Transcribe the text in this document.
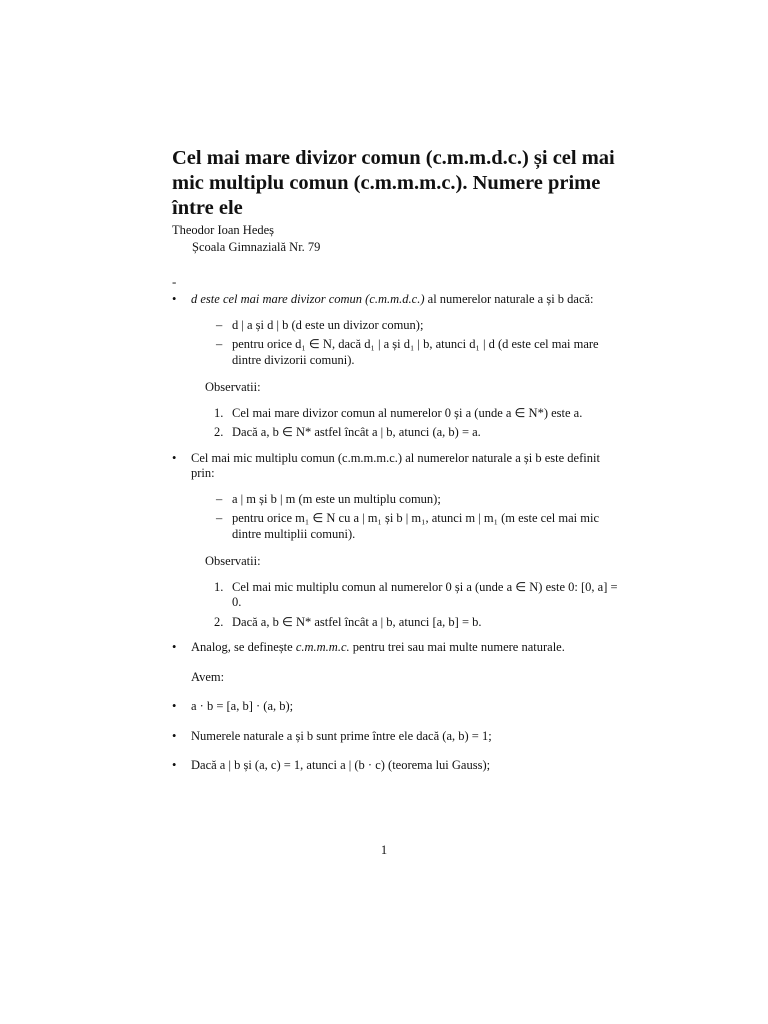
Cel mai mare divizor comun (c.m.m.d.c.) și cel mai mic multiplu comun (c.m.m.m.c.). Numere prime între ele
Theodor Ioan Hedeș
Școala Gimnazială Nr. 79
-
•	d este cel mai mare divizor comun (c.m.m.d.c.) al numerelor naturale a și b dacă:
– d | a și d | b (d este un divizor comun);
– pentru orice d₁ ∈ N, dacă d₁ | a și d₁ | b, atunci d₁ | d (d este cel mai mare dintre divizorii comuni).
Observatii:
1. Cel mai mare divizor comun al numerelor 0 și a (unde a ∈ N*) este a.
2. Dacă a, b ∈ N* astfel încât a | b, atunci (a, b) = a.
•	Cel mai mic multiplu comun (c.m.m.m.c.) al numerelor naturale a și b este definit prin:
– a | m și b | m (m este un multiplu comun);
– pentru orice m₁ ∈ N cu a | m₁ și b | m₁, atunci m | m₁ (m este cel mai mic dintre multiplii comuni).
Observatii:
1. Cel mai mic multiplu comun al numerelor 0 și a (unde a ∈ N) este 0: [0, a] = 0.
2. Dacă a, b ∈ N* astfel încât a | b, atunci [a, b] = b.
•	Analog, se definește c.m.m.m.c. pentru trei sau mai multe numere naturale.
Avem:
•	a · b = [a, b] · (a, b);
•	Numerele naturale a și b sunt prime între ele dacă (a, b) = 1;
•	Dacă a | b și (a, c) = 1, atunci a | (b · c) (teorema lui Gauss);
1
